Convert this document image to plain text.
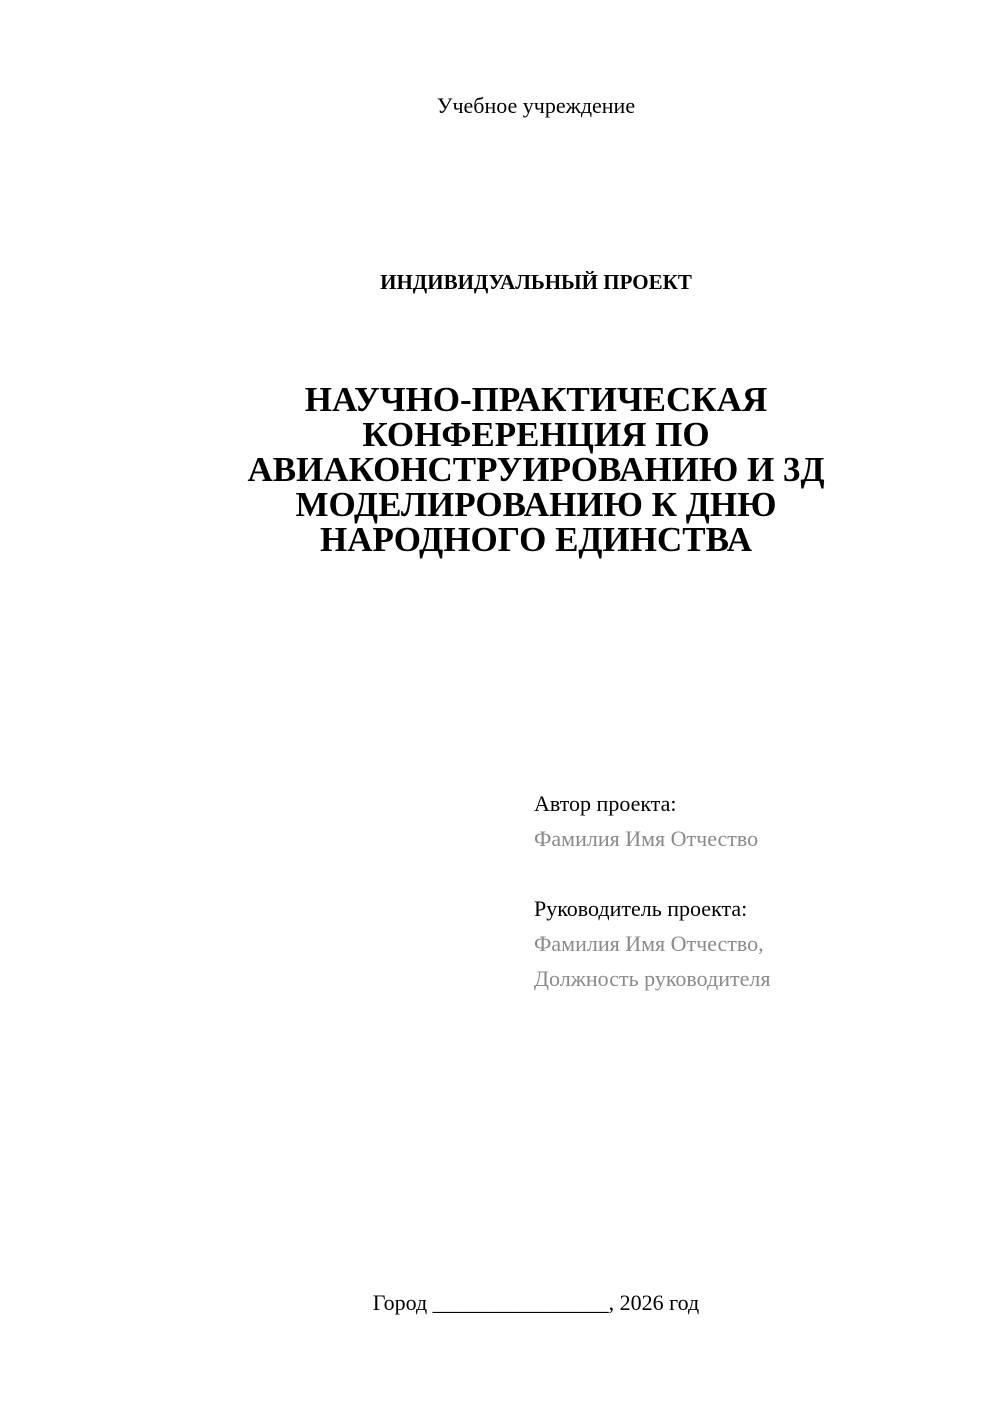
Учебное учреждение
ИНДИВИДУАЛЬНЫЙ ПРОЕКТ
НАУЧНО-ПРАКТИЧЕСКАЯ
КОНФЕРЕНЦИЯ ПО
АВИАКОНСТРУИРОВАНИЮ И 3Д
МОДЕЛИРОВАНИЮ К ДНЮ
НАРОДНОГО ЕДИНСТВА
Автор проекта:
Фамилия Имя Отчество
Руководитель проекта:
Фамилия Имя Отчество,
Должность руководителя
Город ________________, 2026 год
